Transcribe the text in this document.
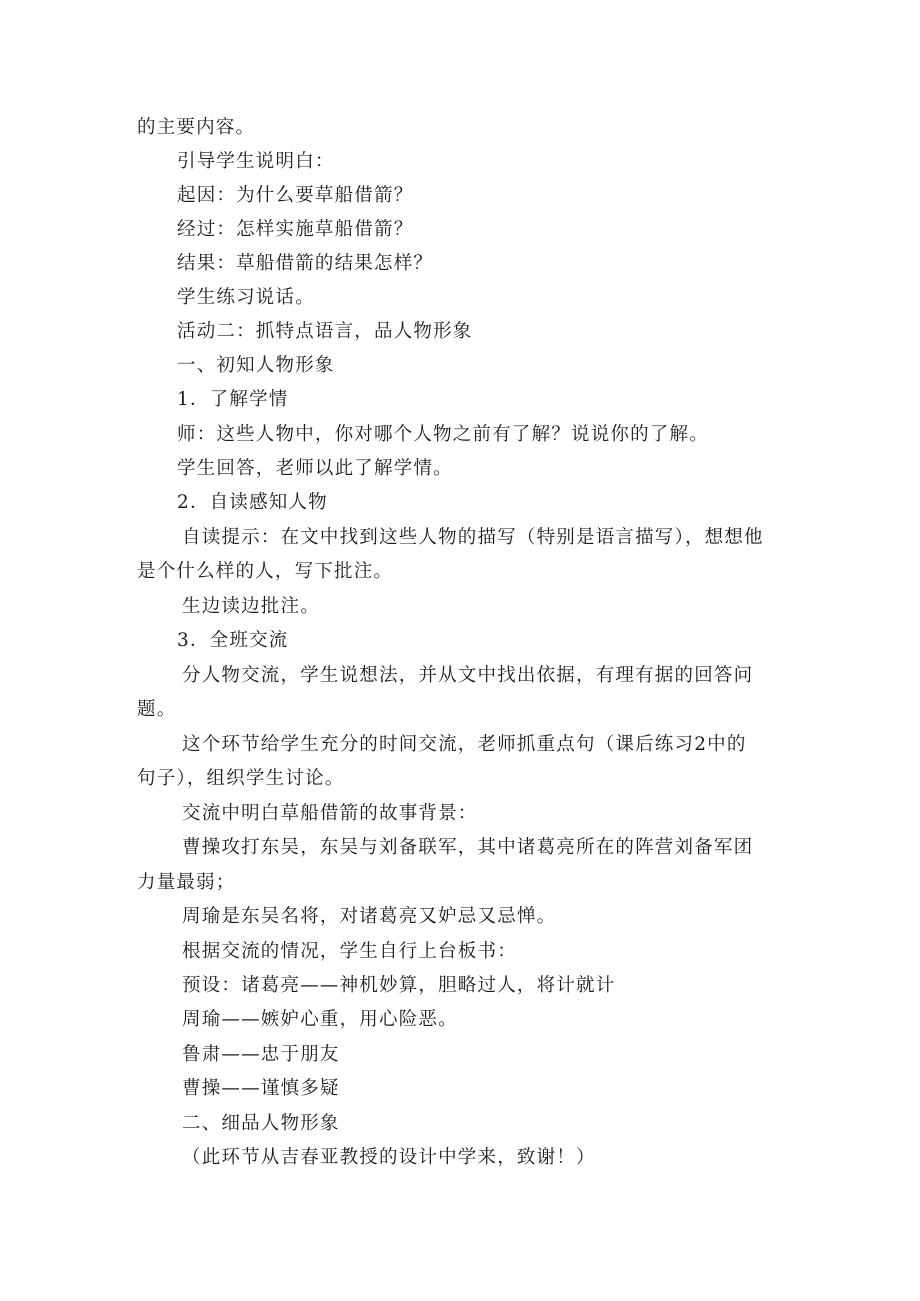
的主要内容。
引导学生说明白：
起因：为什么要草船借箭？
经过：怎样实施草船借箭？
结果：草船借箭的结果怎样？
学生练习说话。
活动二：抓特点语言，品人物形象
一、初知人物形象
1．了解学情
师：这些人物中，你对哪个人物之前有了解？说说你的了解。
学生回答，老师以此了解学情。
2．自读感知人物
自读提示：在文中找到这些人物的描写（特别是语言描写），想想他
是个什么样的人，写下批注。
生边读边批注。
3．全班交流
分人物交流，学生说想法，并从文中找出依据，有理有据的回答问
题。
这个环节给学生充分的时间交流，老师抓重点句（课后练习2中的
句子），组织学生讨论。
交流中明白草船借箭的故事背景：
曹操攻打东吴，东吴与刘备联军，其中诸葛亮所在的阵营刘备军团
力量最弱；
周瑜是东吴名将，对诸葛亮又妒忌又忌惮。
根据交流的情况，学生自行上台板书：
预设：诸葛亮——神机妙算，胆略过人，将计就计
周瑜——嫉妒心重，用心险恶。
鲁肃——忠于朋友
曹操——谨慎多疑
二、细品人物形象
（此环节从吉春亚教授的设计中学来，致谢！）
